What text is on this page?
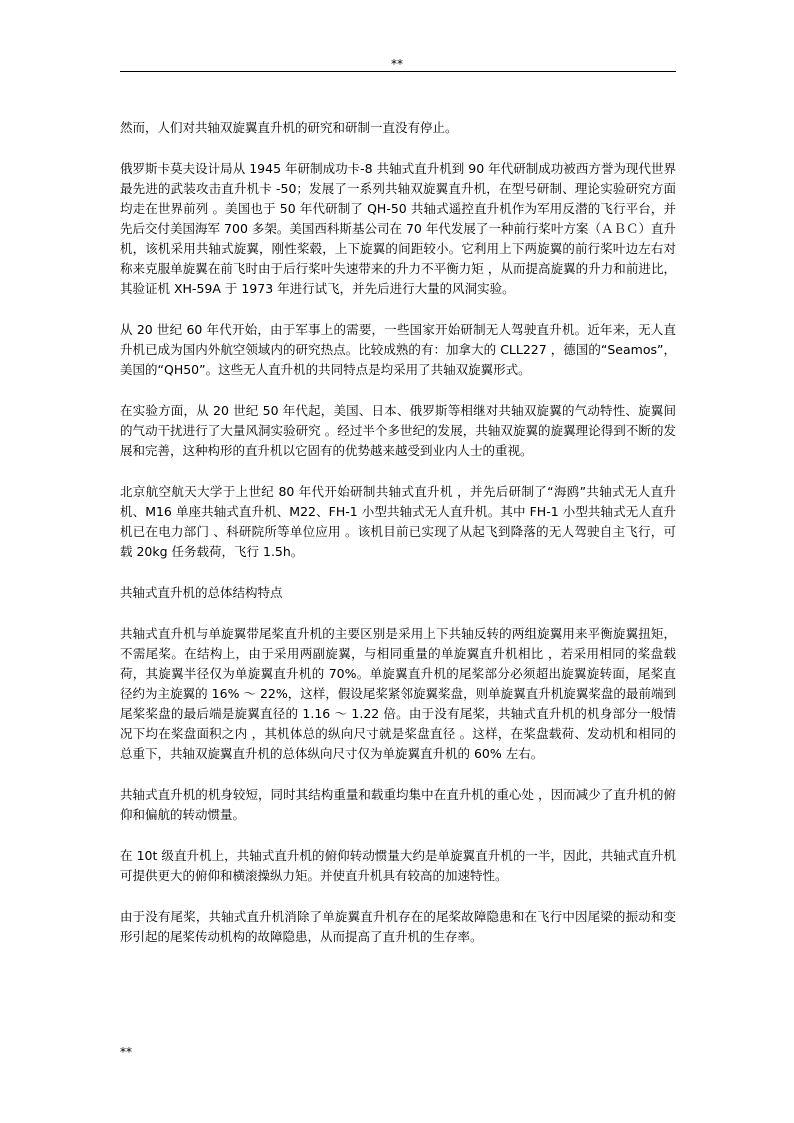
**

然而，人们对共轴双旋翼直升机的研究和研制一直没有停止。

俄罗斯卡莫夫设计局从 1945 年研制成功卡-8 共轴式直升机到 90 年代研制成功被西方誉为现代世界最先进的武装攻击直升机卡 -50；发展了一系列共轴双旋翼直升机，在型号研制、理论实验研究方面均走在世界前列 。美国也于 50 年代研制了 QH-50 共轴式遥控直升机作为军用反潜的飞行平台，并先后交付美国海军 700 多架。美国西科斯基公司在 70 年代发展了一种前行桨叶方案（ＡＢＣ）直升机，该机采用共轴式旋翼，刚性桨毂，上下旋翼的间距较小。它利用上下两旋翼的前行桨叶边左右对称来克服单旋翼在前飞时由于后行桨叶失速带来的升力不平衡力矩 ，从而提高旋翼的升力和前进比，其验证机 XH-59A 于 1973 年进行试飞，并先后进行大量的风洞实验。

从 20 世纪 60 年代开始，由于军事上的需要，一些国家开始研制无人驾驶直升机。近年来，无人直升机已成为国内外航空领域内的研究热点。比较成熟的有：加拿大的 CLL227 ，德国的“Seamos”， 美国的“QH50”。这些无人直升机的共同特点是均采用了共轴双旋翼形式。

在实验方面，从 20 世纪 50 年代起，美国、日本、俄罗斯等相继对共轴双旋翼的气动特性、旋翼间的气动干扰进行了大量风洞实验研究 。经过半个多世纪的发展，共轴双旋翼的旋翼理论得到不断的发展和完善，这种构形的直升机以它固有的优势越来越受到业内人士的重视。

北京航空航天大学于上世纪 80 年代开始研制共轴式直升机 ，并先后研制了“海鸥”共轴式无人直升机、M16 单座共轴式直升机、M22、FH-1 小型共轴式无人直升机。其中 FH-1 小型共轴式无人直升机已在电力部门 、科研院所等单位应用 。该机目前已实现了从起飞到降落的无人驾驶自主飞行，可载 20kg 任务载荷，飞行 1.5h。

共轴式直升机的总体结构特点

共轴式直升机与单旋翼带尾桨直升机的主要区别是采用上下共轴反转的两组旋翼用来平衡旋翼扭矩，不需尾桨。在结构上，由于采用两副旋翼，与相同重量的单旋翼直升机相比 ，若采用相同的桨盘载荷，其旋翼半径仅为单旋翼直升机的 70%。单旋翼直升机的尾桨部分必须超出旋翼旋转面，尾桨直径约为主旋翼的 16% ～ 22%，这样，假设尾桨紧邻旋翼桨盘，则单旋翼直升机旋翼桨盘的最前端到尾桨桨盘的最后端是旋翼直径的 1.16 ～ 1.22 倍。由于没有尾桨，共轴式直升机的机身部分一般情况下均在桨盘面积之内 ，其机体总的纵向尺寸就是桨盘直径 。这样，在桨盘载荷、发动机和相同的总重下，共轴双旋翼直升机的总体纵向尺寸仅为单旋翼直升机的 60% 左右。

共轴式直升机的机身较短，同时其结构重量和载重均集中在直升机的重心处 ，因而减少了直升机的俯仰和偏航的转动惯量。

在 10t 级直升机上，共轴式直升机的俯仰转动惯量大约是单旋翼直升机的一半，因此，共轴式直升机可提供更大的俯仰和横滚操纵力矩。并使直升机具有较高的加速特性。

由于没有尾桨，共轴式直升机消除了单旋翼直升机存在的尾桨故障隐患和在飞行中因尾梁的振动和变形引起的尾桨传动机构的故障隐患，从而提高了直升机的生存率。

**
